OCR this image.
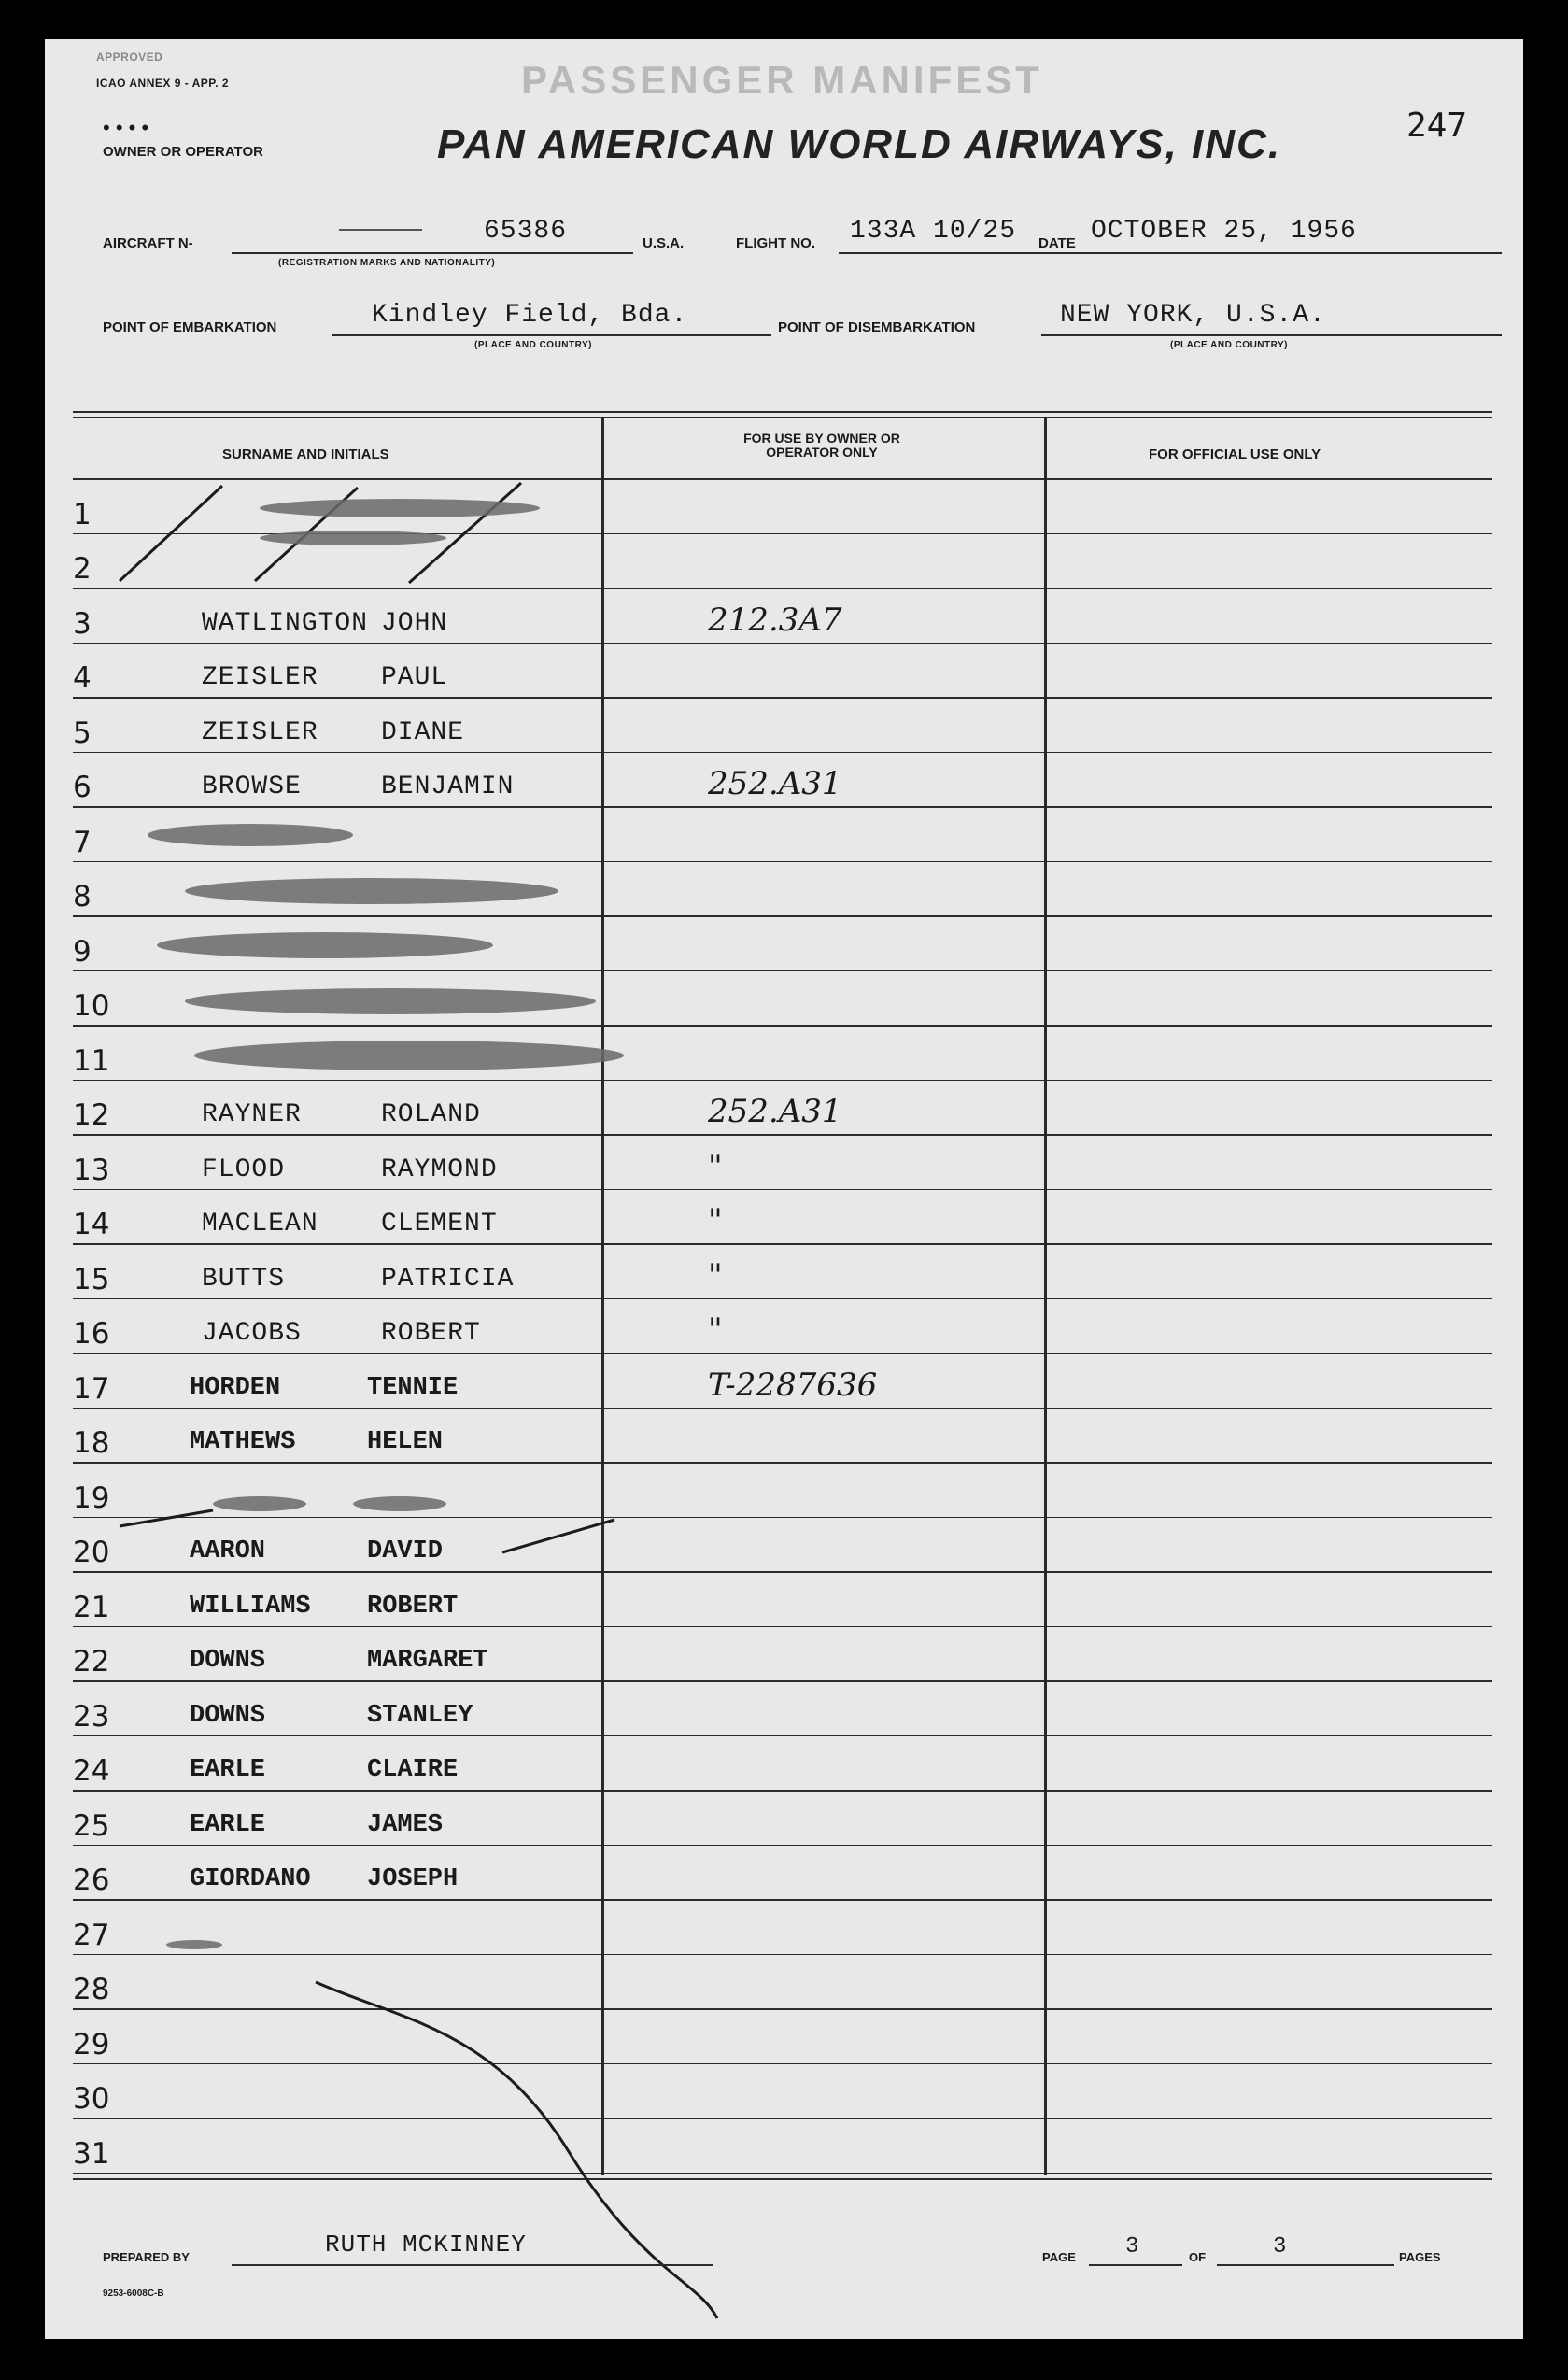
APPROVED
ICAO ANNEX 9 - APP. 2	PASSENGER MANIFEST
PAN AMERICAN WORLD AIRWAYS, INC.	247
• • • •
OWNER OR OPERATOR
AIRCRAFT N-
	65386
(REGISTRATION MARKS AND NATIONALITY)
U.S.A.	FLIGHT NO. 133A 10/25 DATE OCTOBER 25, 1956
POINT OF EMBARKATION	Kindley Field, Bda.
(PLACE AND COUNTRY)
POINT OF DISEMBARKATION	NEW YORK, U.S.A.
(PLACE AND COUNTRY)
SURNAME AND INITIALS
FOR USE BY OWNER OR OPERATOR ONLY	FOR OFFICIAL USE ONLY
1
2
3	WATLINGTON JOHN	212.3A7
4	ZEISLER PAUL
5	ZEISLER DIANE
6	BROWSE	BENJAMIN	252.A31
7
8
9
10
11
12	RAYNER	ROLAND	252.A31
13	FLOOD	RAYMOND	"
14	MACLEAN CLEMENT	"
15	BUTTS	PATRICIA	"
16	JACOBS	ROBERT	"
17	HORDEN	TENNIE	T-2287636
18	MATHEWS	HELEN
19
20	AARON	DAVID
21	WILLIAMS ROBERT
22	DOWNS	MARGARET
23	DOWNS	STANLEY
24	EARLE	CLAIRE
25	EARLE	JAMES
26	GIORDANO JOSEPH
27
28
29
30
31
PREPARED BY	RUTH MCKINNEY	PAGE 3	OF	3	PAGES
9253-6008C-B
